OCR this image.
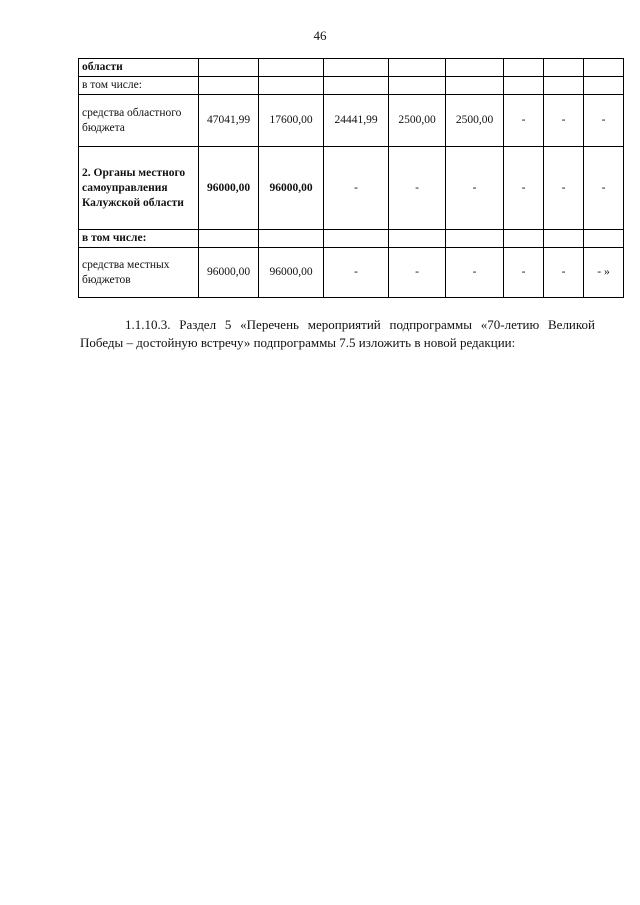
46
области								
в том числе:								
средства областного бюджета	47041,99	17600,00	24441,99	2500,00	2500,00	-	-	-
2. Органы местного самоуправления Калужской области	96000,00	96000,00	-	-	-	-	-	-
в том числе:								
средства местных бюджетов	96000,00	96000,00	-	-	-	-	-	- »
1.1.10.3. Раздел 5 «Перечень мероприятий подпрограммы «70-летию Великой Победы – достойную встречу» подпрограммы 7.5 изложить в новой редакции:
